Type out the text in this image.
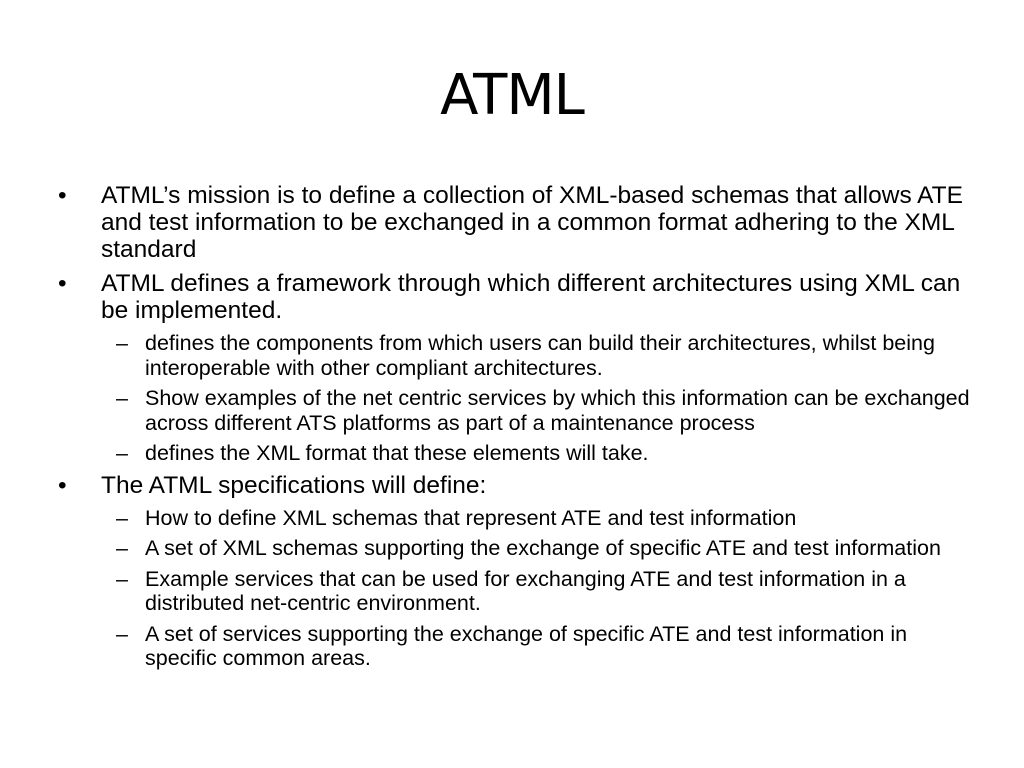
ATML
•	ATML’s mission is to define a collection of XML-based schemas that allows ATE and test information to be exchanged in a common format adhering to the XML standard
•	ATML defines a framework through which different architectures using XML can be implemented.
– defines the components from which users can build their architectures, whilst being interoperable with other compliant architectures.
– Show examples of the net centric services by which this information can be exchanged across different ATS platforms as part of a maintenance process
– defines the XML format that these elements will take.
•	The ATML specifications will define:
– How to define XML schemas that represent ATE and test information
– A set of XML schemas supporting the exchange of specific ATE and test information
– Example services that can be used for exchanging ATE and test information in a distributed net-centric environment.
– A set of services supporting the exchange of specific ATE and test information in specific common areas.
